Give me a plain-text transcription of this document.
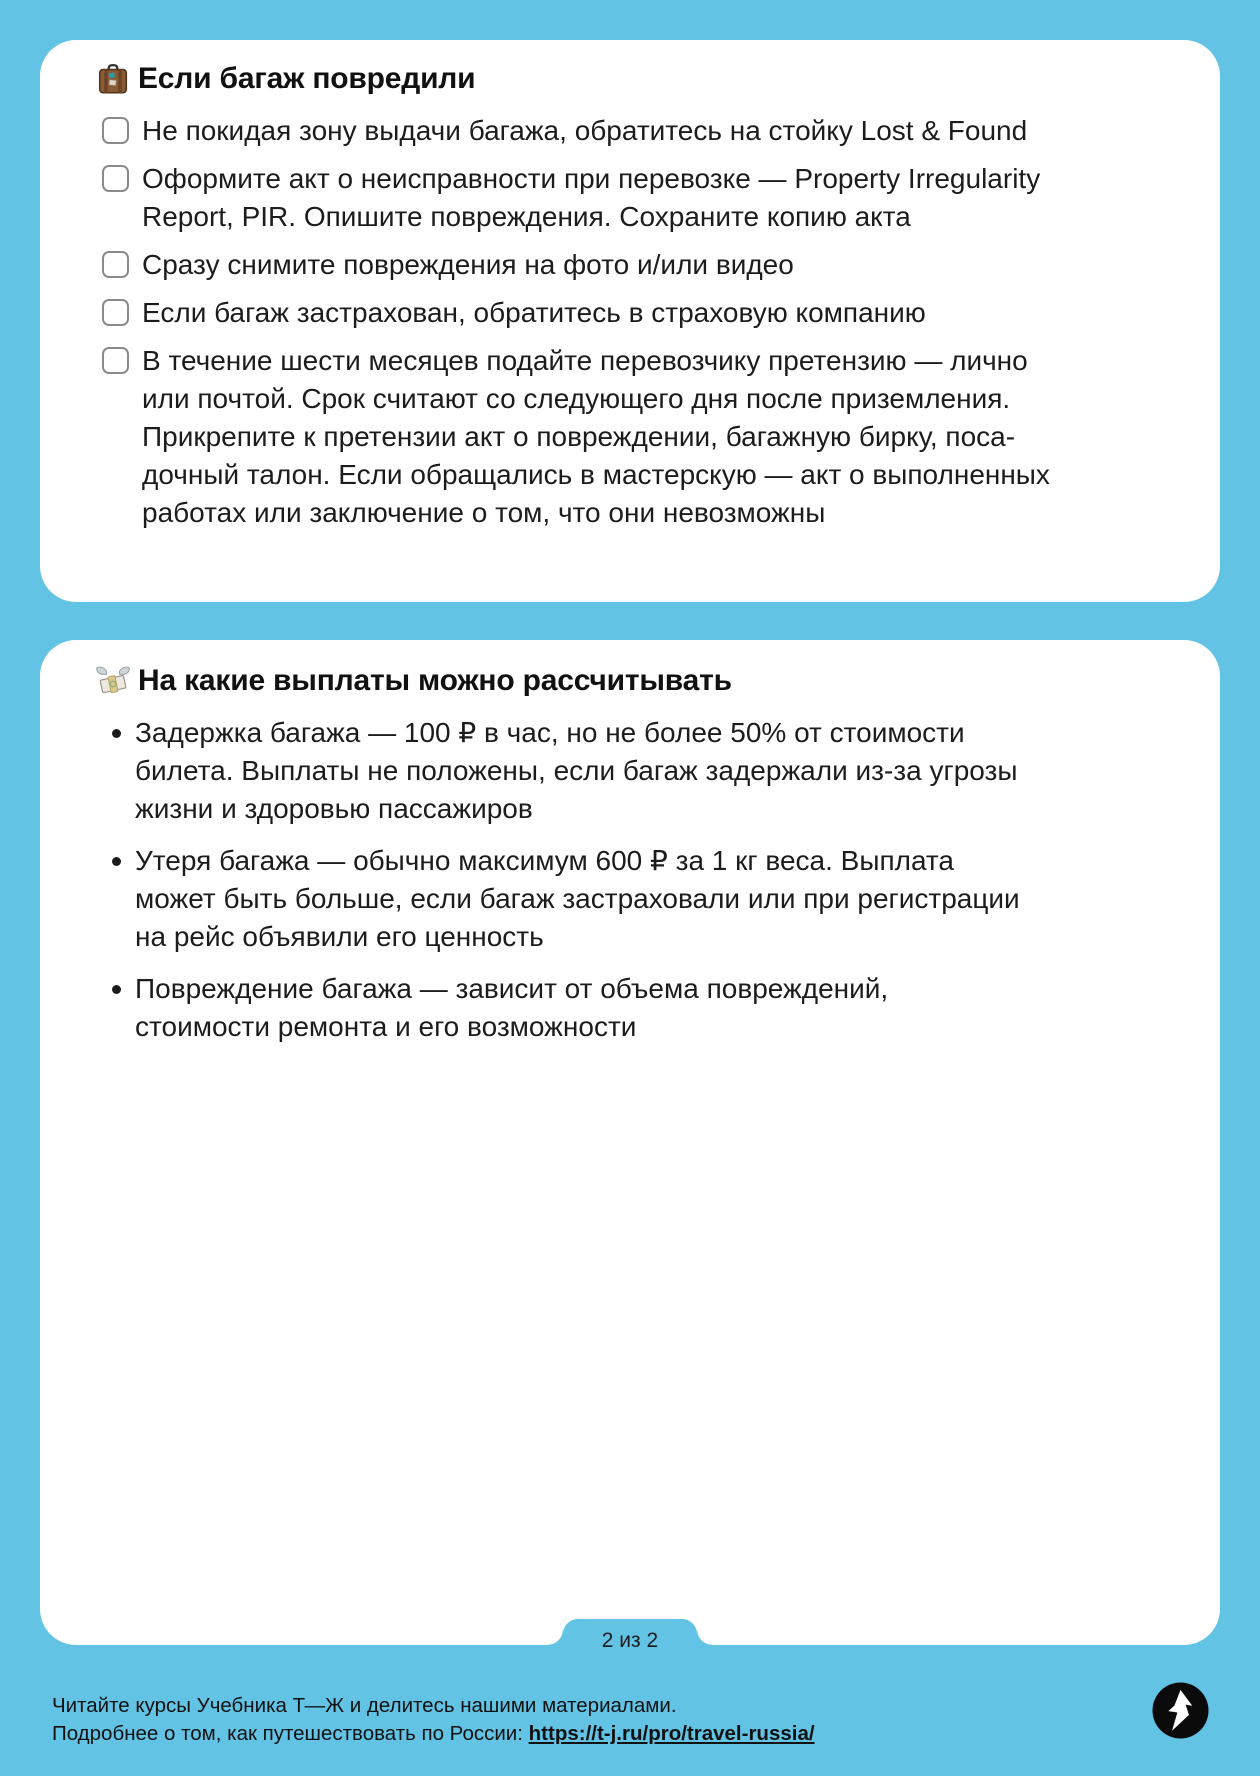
Если багаж повредили
Не покидая зону выдачи багажа, обратитесь на стойку Lost & Found
Оформите акт о неисправности при перевозке — Property Irregularity
Report, PIR. Опишите повреждения. Сохраните копию акта
Сразу снимите повреждения на фото и/или видео
Если багаж застрахован, обратитесь в страховую компанию
В течение шести месяцев подайте перевозчику претензию — лично
или почтой. Срок считают со следующего дня после приземления.
Прикрепите к претензии акт о повреждении, багажную бирку, поса-
дочный талон. Если обращались в мастерскую — акт о выполненных
работах или заключение о том, что они невозможны
На какие выплаты можно рассчитывать
Задержка багажа — 100 ₽ в час, но не более 50% от стоимости
билета. Выплаты не положены, если багаж задержали из-за угрозы
жизни и здоровью пассажиров
Утеря багажа — обычно максимум 600 ₽ за 1 кг веса. Выплата
может быть больше, если багаж застраховали или при регистрации
на рейс объявили его ценность
Повреждение багажа — зависит от объема повреждений,
стоимости ремонта и его возможности
2 из 2
Читайте курсы Учебника Т—Ж и делитесь нашими материалами.
Подробнее о том, как путешествовать по России: https://t-j.ru/pro/travel-russia/
